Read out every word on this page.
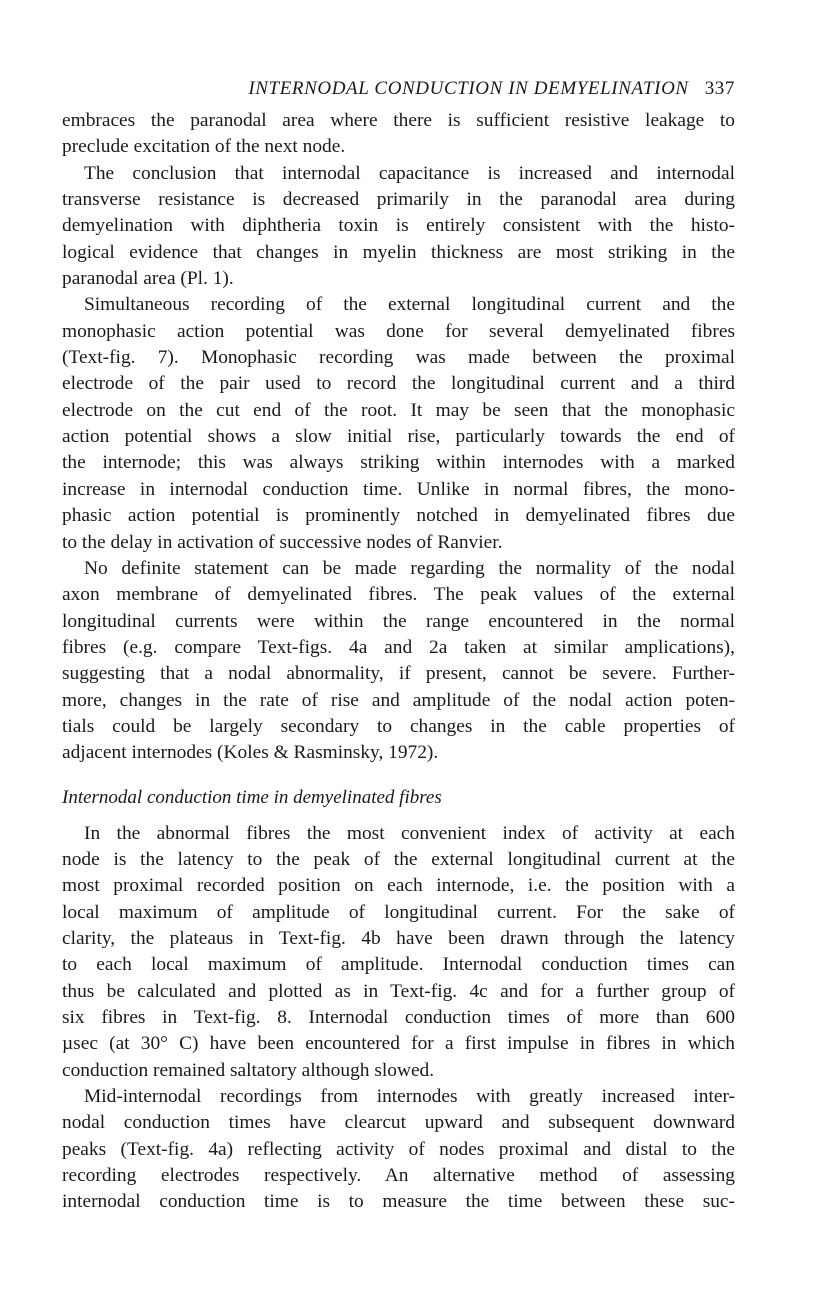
INTERNODAL CONDUCTION IN DEMYELINATION 337
embraces the paranodal area where there is sufficient resistive leakage to
preclude excitation of the next node.
The conclusion that internodal capacitance is increased and internodal
transverse resistance is decreased primarily in the paranodal area during
demyelination with diphtheria toxin is entirely consistent with the histo-
logical evidence that changes in myelin thickness are most striking in the
paranodal area (Pl. 1).
Simultaneous recording of the external longitudinal current and the
monophasic action potential was done for several demyelinated fibres
(Text-fig. 7). Monophasic recording was made between the proximal
electrode of the pair used to record the longitudinal current and a third
electrode on the cut end of the root. It may be seen that the monophasic
action potential shows a slow initial rise, particularly towards the end of
the internode; this was always striking within internodes with a marked
increase in internodal conduction time. Unlike in normal fibres, the mono-
phasic action potential is prominently notched in demyelinated fibres due
to the delay in activation of successive nodes of Ranvier.
No definite statement can be made regarding the normality of the nodal
axon membrane of demyelinated fibres. The peak values of the external
longitudinal currents were within the range encountered in the normal
fibres (e.g. compare Text-figs. 4a and 2a taken at similar amplications),
suggesting that a nodal abnormality, if present, cannot be severe. Further-
more, changes in the rate of rise and amplitude of the nodal action poten-
tials could be largely secondary to changes in the cable properties of
adjacent internodes (Koles & Rasminsky, 1972).
Internodal conduction time in demyelinated fibres
In the abnormal fibres the most convenient index of activity at each
node is the latency to the peak of the external longitudinal current at the
most proximal recorded position on each internode, i.e. the position with a
local maximum of amplitude of longitudinal current. For the sake of
clarity, the plateaus in Text-fig. 4b have been drawn through the latency
to each local maximum of amplitude. Internodal conduction times can
thus be calculated and plotted as in Text-fig. 4c and for a further group of
six fibres in Text-fig. 8. Internodal conduction times of more than 600
µsec (at 30° C) have been encountered for a first impulse in fibres in which
conduction remained saltatory although slowed.
Mid-internodal recordings from internodes with greatly increased inter-
nodal conduction times have clearcut upward and subsequent downward
peaks (Text-fig. 4a) reflecting activity of nodes proximal and distal to the
recording electrodes respectively. An alternative method of assessing
internodal conduction time is to measure the time between these suc-
